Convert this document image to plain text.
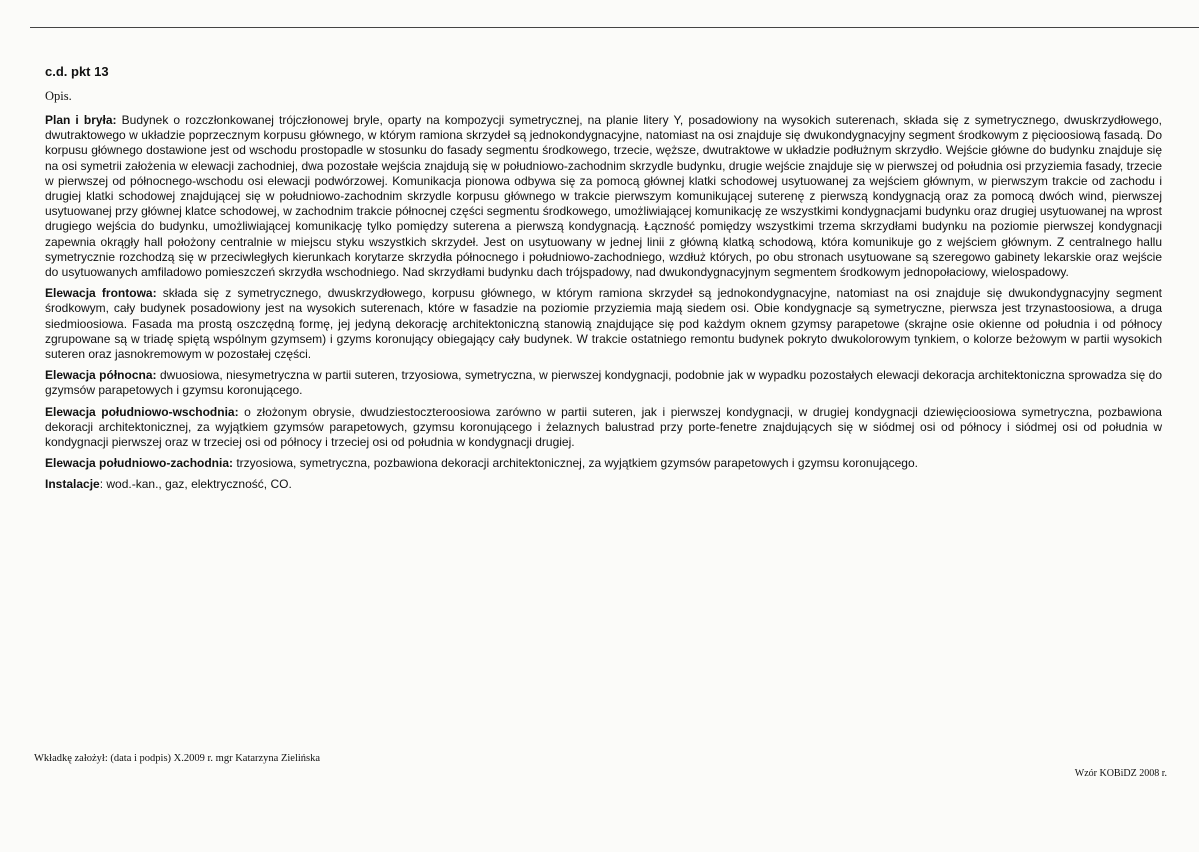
c.d. pkt 13
Opis.

Plan i bryła: Budynek o rozczłonkowanej trójczłonowej bryle, oparty na kompozycji symetrycznej, na planie litery Y, posadowiony na wysokich suterenach, składa się z symetrycznego, dwuskrzydłowego, dwutraktowego w układzie poprzecznym korpusu głównego, w którym ramiona skrzydeł są jednokondygnacyjne, natomiast na osi znajduje się dwukondygnacyjny segment środkowym z pięcioosiową fasadą. Do korpusu głównego dostawione jest od wschodu prostopadle w stosunku do fasady segmentu środkowego, trzecie, węższe, dwutraktowe w układzie podłużnym skrzydło. Wejście główne do budynku znajduje się na osi symetrii założenia w elewacji zachodniej, dwa pozostałe wejścia znajdują się w południowo-zachodnim skrzydle budynku, drugie wejście znajduje się w pierwszej od południa osi przyziemia fasady, trzecie w pierwszej od północnego-wschodu osi elewacji podwórzowej. Komunikacja pionowa odbywa się za pomocą głównej klatki schodowej usytuowanej za wejściem głównym, w pierwszym trakcie od zachodu i drugiej klatki schodowej znajdującej się w południowo-zachodnim skrzydle korpusu głównego w trakcie pierwszym komunikującej suterenę z pierwszą kondygnacją oraz za pomocą dwóch wind, pierwszej usytuowanej przy głównej klatce schodowej, w zachodnim trakcie północnej części segmentu środkowego, umożliwiającej komunikację ze wszystkimi kondygnacjami budynku oraz drugiej usytuowanej na wprost drugiego wejścia do budynku, umożliwiającej komunikację tylko pomiędzy suterena a pierwszą kondygnacją. Łączność pomiędzy wszystkimi trzema skrzydłami budynku na poziomie pierwszej kondygnacji zapewnia okrągły hall położony centralnie w miejscu styku wszystkich skrzydeł. Jest on usytuowany w jednej linii z główną klatką schodową, która komunikuje go z wejściem głównym. Z centralnego hallu symetrycznie rozchodzą się w przeciwległych kierunkach korytarze skrzydła północnego i południowo-zachodniego, wzdłuż których, po obu stronach usytuowane są szeregowo gabinety lekarskie oraz wejście do usytuowanych amfiladowo pomieszczeń skrzydła wschodniego. Nad skrzydłami budynku dach trójspadowy, nad dwukondygnacyjnym segmentem środkowym jednopołaciowy, wielospadowy.

Elewacja frontowa: składa się z symetrycznego, dwuskrzydłowego, korpusu głównego, w którym ramiona skrzydeł są jednokondygnacyjne, natomiast na osi znajduje się dwukondygnacyjny segment środkowym, cały budynek posadowiony jest na wysokich suterenach, które w fasadzie na poziomie przyziemia mają siedem osi. Obie kondygnacje są symetryczne, pierwsza jest trzynastoosiowa, a druga siedmioosiowa. Fasada ma prostą oszczędną formę, jej jedyną dekorację architektoniczną stanowią znajdujące się pod każdym oknem gzymsy parapetowe (skrajne osie okienne od południa i od północy zgrupowane są w triadę spiętą wspólnym gzymsem) i gzyms koronujący obiegający cały budynek. W trakcie ostatniego remontu budynek pokryto dwukolorowym tynkiem, o kolorze beżowym w partii wysokich suteren oraz jasnokremowym w pozostałej części.

Elewacja północna: dwuosiowa, niesymetryczna w partii suteren, trzyosiowa, symetryczna, w pierwszej kondygnacji, podobnie jak w wypadku pozostałych elewacji dekoracja architektoniczna sprowadza się do gzymsów parapetowych i gzymsu koronującego.

Elewacja południowo-wschodnia: o złożonym obrysie, dwudziestoczteroosiowa zarówno w partii suteren, jak i pierwszej kondygnacji, w drugiej kondygnacji dziewięcioosiowa symetryczna, pozbawiona dekoracji architektonicznej, za wyjątkiem gzymsów parapetowych, gzymsu koronującego i żelaznych balustrad przy porte-fenetre znajdujących się w siódmej osi od północy i siódmej osi od południa w kondygnacji pierwszej oraz w trzeciej osi od północy i trzeciej osi od południa w kondygnacji drugiej.

Elewacja południowo-zachodnia: trzyosiowa, symetryczna, pozbawiona dekoracji architektonicznej, za wyjątkiem gzymsów parapetowych i gzymsu koronującego.

Instalacje: wod.-kan., gaz, elektryczność, CO.

Wkładkę założył: (data i podpis) X.2009 r. mgr Katarzyna Zielińska
Wzór KOBiDZ 2008 r.
